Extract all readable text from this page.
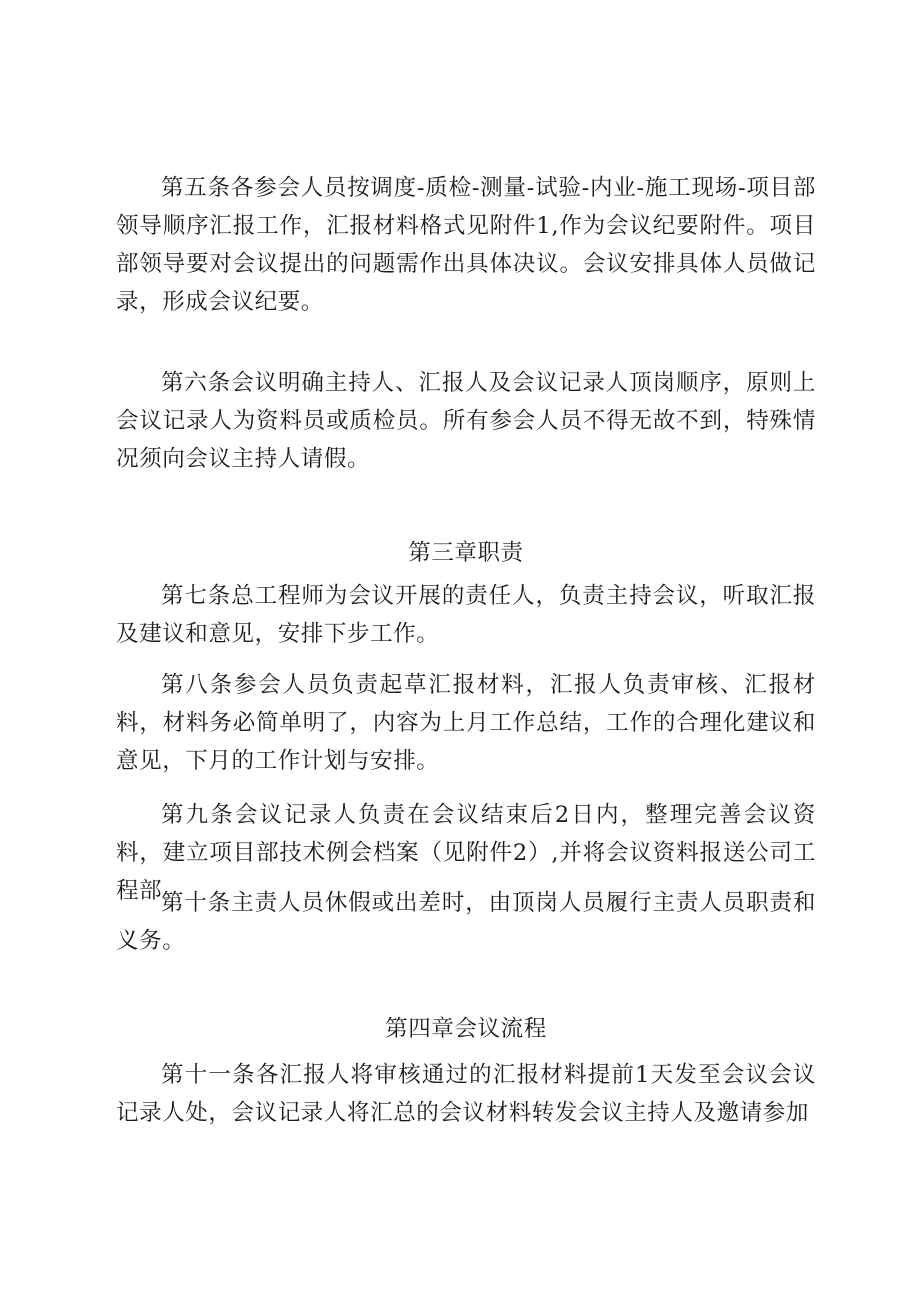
第五条各参会人员按调度-质检-测量-试验-内业-施工现场-项目部领导顺序汇报工作，汇报材料格式见附件1,作为会议纪要附件。项目部领导要对会议提出的问题需作出具体决议。会议安排具体人员做记录，形成会议纪要。

第六条会议明确主持人、汇报人及会议记录人顶岗顺序，原则上会议记录人为资料员或质检员。所有参会人员不得无故不到，特殊情况须向会议主持人请假。

第三章职责

第七条总工程师为会议开展的责任人，负责主持会议，听取汇报及建议和意见，安排下步工作。

第八条参会人员负责起草汇报材料，汇报人负责审核、汇报材料，材料务必简单明了，内容为上月工作总结，工作的合理化建议和意见，下月的工作计划与安排。

第九条会议记录人负责在会议结束后2日内，整理完善会议资料，建立项目部技术例会档案（见附件2）,并将会议资料报送公司工程部。

第十条主责人员休假或出差时，由顶岗人员履行主责人员职责和义务。

第四章会议流程

第十一条各汇报人将审核通过的汇报材料提前1天发至会议会议记录人处，会议记录人将汇总的会议材料转发会议主持人及邀请参加
